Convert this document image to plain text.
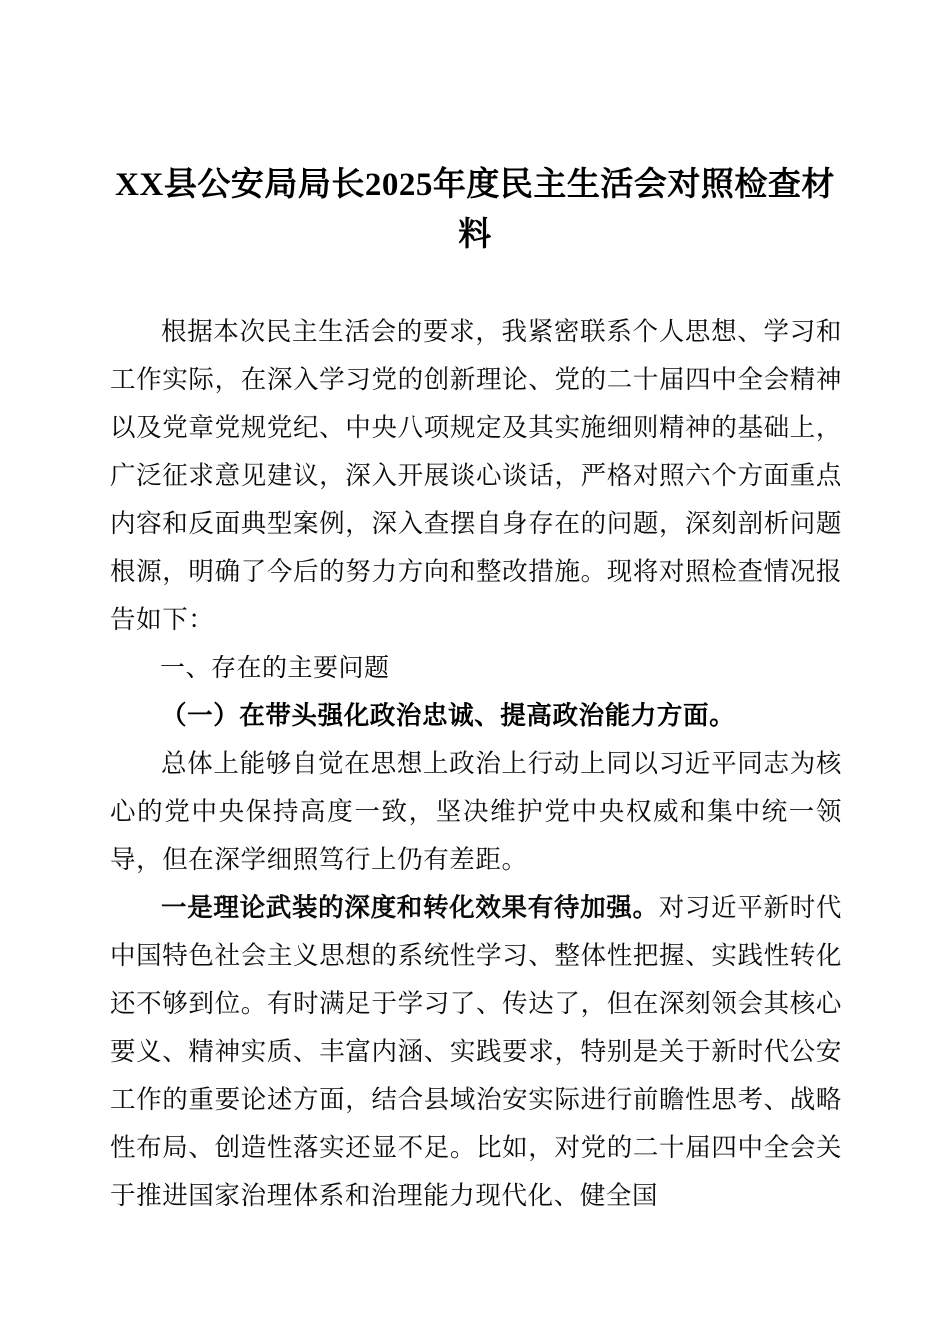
XX县公安局局长2025年度民主生活会对照检查材料

根据本次民主生活会的要求，我紧密联系个人思想、学习和工作实际，在深入学习党的创新理论、党的二十届四中全会精神以及党章党规党纪、中央八项规定及其实施细则精神的基础上，广泛征求意见建议，深入开展谈心谈话，严格对照六个方面重点内容和反面典型案例，深入查摆自身存在的问题，深刻剖析问题根源，明确了今后的努力方向和整改措施。现将对照检查情况报告如下：

一、存在的主要问题

（一）在带头强化政治忠诚、提高政治能力方面。

总体上能够自觉在思想上政治上行动上同以习近平同志为核心的党中央保持高度一致，坚决维护党中央权威和集中统一领导，但在深学细照笃行上仍有差距。

一是理论武装的深度和转化效果有待加强。对习近平新时代中国特色社会主义思想的系统性学习、整体性把握、实践性转化还不够到位。有时满足于学习了、传达了，但在深刻领会其核心要义、精神实质、丰富内涵、实践要求，特别是关于新时代公安工作的重要论述方面，结合县域治安实际进行前瞻性思考、战略性布局、创造性落实还显不足。比如，对党的二十届四中全会关于推进国家治理体系和治理能力现代化、健全国
